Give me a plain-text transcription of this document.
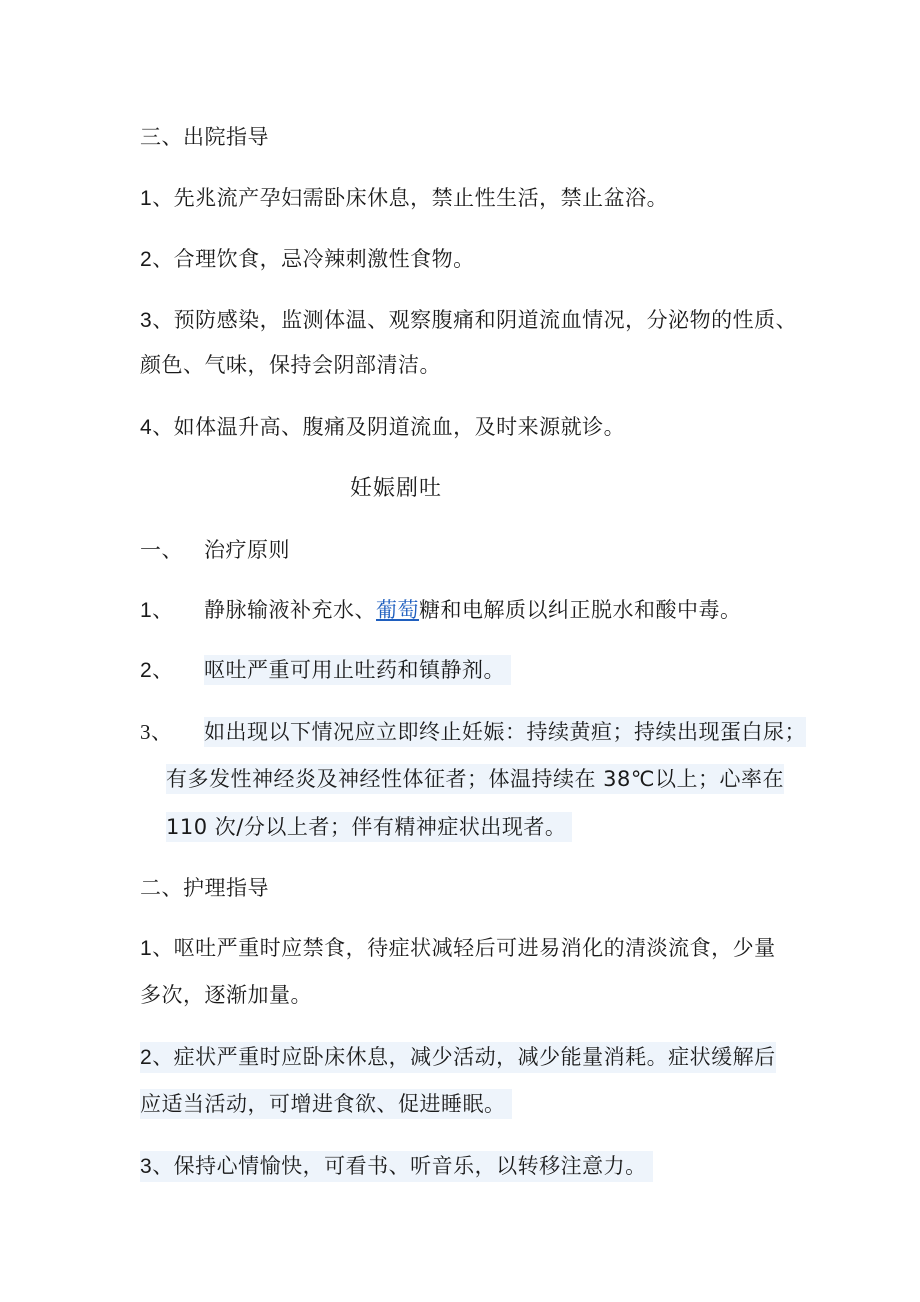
三、出院指导
1、先兆流产孕妇需卧床休息，禁止性生活，禁止盆浴。
2、合理饮食，忌冷辣刺激性食物。
3、预防感染，监测体温、观察腹痛和阴道流血情况，分泌物的性质、
颜色、气味，保持会阴部清洁。
4、如体温升高、腹痛及阴道流血，及时来源就诊。
妊娠剧吐
一、 治疗原则
1、 静脉输液补充水、葡萄糖和电解质以纠正脱水和酸中毒。
2、 呕吐严重可用止吐药和镇静剂。
3、 如出现以下情况应立即终止妊娠：持续黄疸；持续出现蛋白尿；
有多发性神经炎及神经性体征者；体温持续在 38℃以上；心率在
110 次/分以上者；伴有精神症状出现者。
二、护理指导
1、呕吐严重时应禁食，待症状减轻后可进易消化的清淡流食，少量
多次，逐渐加量。
2、症状严重时应卧床休息，减少活动，减少能量消耗。症状缓解后
应适当活动，可增进食欲、促进睡眠。
3、保持心情愉快，可看书、听音乐，以转移注意力。
